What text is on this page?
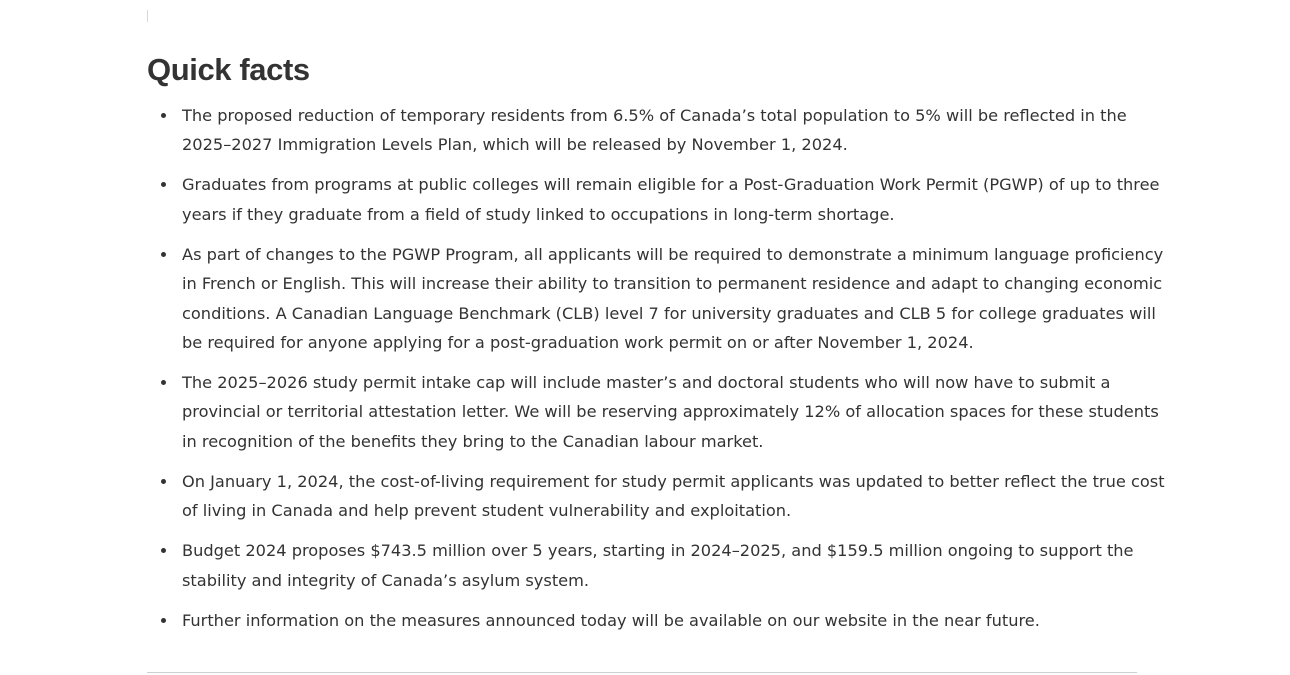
Quick facts
The proposed reduction of temporary residents from 6.5% of Canada’s total population to 5% will be reflected in the 2025–2027 Immigration Levels Plan, which will be released by November 1, 2024.
Graduates from programs at public colleges will remain eligible for a Post-Graduation Work Permit (PGWP) of up to three years if they graduate from a field of study linked to occupations in long-term shortage.
As part of changes to the PGWP Program, all applicants will be required to demonstrate a minimum language proficiency in French or English. This will increase their ability to transition to permanent residence and adapt to changing economic conditions. A Canadian Language Benchmark (CLB) level 7 for university graduates and CLB 5 for college graduates will be required for anyone applying for a post-graduation work permit on or after November 1, 2024.
The 2025–2026 study permit intake cap will include master’s and doctoral students who will now have to submit a provincial or territorial attestation letter. We will be reserving approximately 12% of allocation spaces for these students in recognition of the benefits they bring to the Canadian labour market.
On January 1, 2024, the cost-of-living requirement for study permit applicants was updated to better reflect the true cost of living in Canada and help prevent student vulnerability and exploitation.
Budget 2024 proposes $743.5 million over 5 years, starting in 2024–2025, and $159.5 million ongoing to support the stability and integrity of Canada’s asylum system.
Further information on the measures announced today will be available on our website in the near future.
